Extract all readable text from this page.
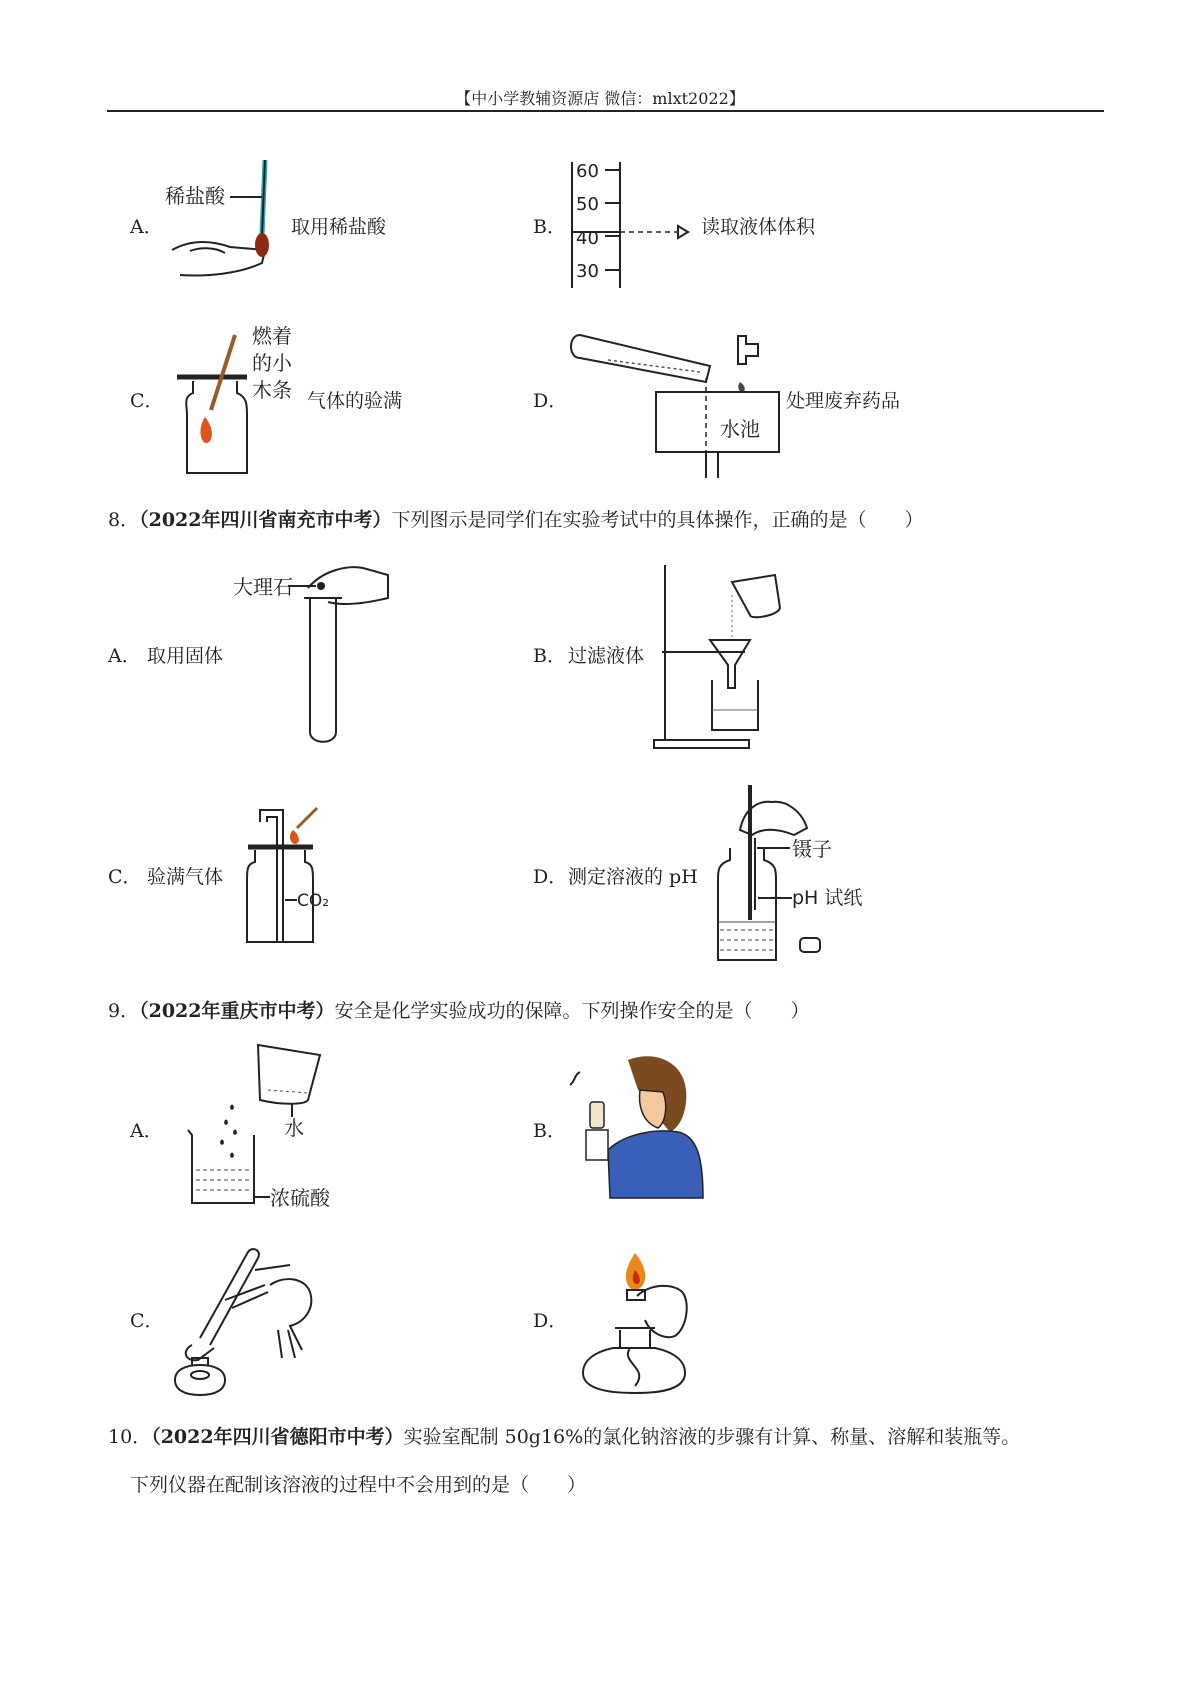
【中小学教辅资源店 微信：mlxt2022】
A．
稀盐酸
取用稀盐酸	B．
60
50
40
30
读取液体体积
C．
燃着
的小
木条 气体的验满	D．
水池
处理废弃药品
8．（2022年四川省南充市中考）下列图示是同学们在实验考试中的具体操作，正确的是（　　）
A． 取用固体
大理石
B． 过滤液体
C． 验满气体
CO₂
D． 测定溶液的 pH
镊子
pH 试纸
9．（2022年重庆市中考）安全是化学实验成功的保障。下列操作安全的是（　　）
A．	水
浓硫酸
B．
C．	D．
10．（2022年四川省德阳市中考）实验室配制 50g16%的氯化钠溶液的步骤有计算、称量、溶解和装瓶等。
下列仪器在配制该溶液的过程中不会用到的是（　　）
